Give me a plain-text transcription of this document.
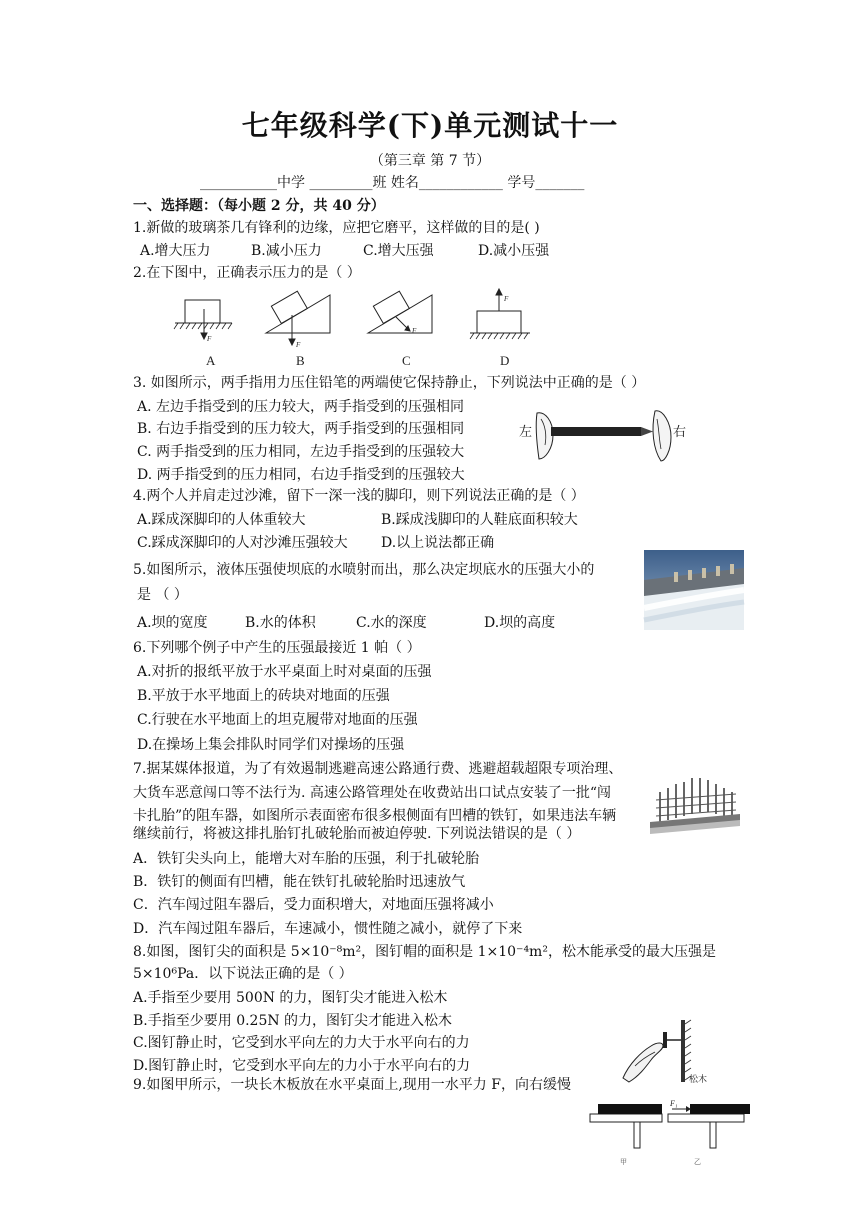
七年级科学(下)单元测试十一
（第三章 第 7 节）
___________中学 _________班 姓名____________ 学号_______
一、选择题：（每小题 2 分，共 40 分）
1.新做的玻璃茶几有锋利的边缘，应把它磨平，这样做的目的是( )
A.增大压力	B.减小压力	C.增大压强	D.减小压强
2.在下图中，正确表示压力的是（ ）
F
F
F
F
A	B	C	D
3. 如图所示，两手指用力压住铅笔的两端使它保持静止，下列说法中正确的是（ ）
A. 左边手指受到的压力较大，两手指受到的压强相同
B. 右边手指受到的压力较大，两手指受到的压强相同
C. 两手指受到的压力相同，左边手指受到的压强较大
D. 两手指受到的压力相同，右边手指受到的压强较大
左	右
4.两个人并肩走过沙滩，留下一深一浅的脚印，则下列说法正确的是（ ）
A.踩成深脚印的人体重较大	B.踩成浅脚印的人鞋底面积较大
C.踩成深脚印的人对沙滩压强较大 D.以上说法都正确
5.如图所示，液体压强使坝底的水喷射而出，那么决定坝底水的压强大小的
是 （ ）
A.坝的宽度	B.水的体积	C.水的深度	D.坝的高度
6.下列哪个例子中产生的压强最接近 1 帕（ ）
A.对折的报纸平放于水平桌面上时对桌面的压强
B.平放于水平地面上的砖块对地面的压强
C.行驶在水平地面上的坦克履带对地面的压强
D.在操场上集会排队时同学们对操场的压强
7.据某媒体报道，为了有效遏制逃避高速公路通行费、逃避超载超限专项治理、
大货车恶意闯口等不法行为. 高速公路管理处在收费站出口试点安装了一批“闯
卡扎胎”的阻车器，如图所示表面密布很多根侧面有凹槽的铁钉，如果违法车辆
继续前行，将被这排扎胎钉扎破轮胎而被迫停驶. 下列说法错误的是（ ）
A．铁钉尖头向上，能增大对车胎的压强，利于扎破轮胎
B．铁钉的侧面有凹槽，能在铁钉扎破轮胎时迅速放气
C．汽车闯过阻车器后，受力面积增大，对地面压强将减小
D．汽车闯过阻车器后，车速减小，惯性随之减小，就停了下来
8.如图，图钉尖的面积是 5×10⁻⁸m²，图钉帽的面积是 1×10⁻⁴m²，松木能承受的最大压强是
5×10⁶Pa．以下说法正确的是（ ）
A.手指至少要用 500N 的力，图钉尖才能进入松木
B.手指至少要用 0.25N 的力，图钉尖才能进入松木
C.图钉静止时，它受到水平向左的力大于水平向右的力
D.图钉静止时，它受到水平向左的力小于水平向右的力
松木
9.如图甲所示，一块长木板放在水平桌面上,现用一水平力 F，向右缓慢
F₁
甲	乙
